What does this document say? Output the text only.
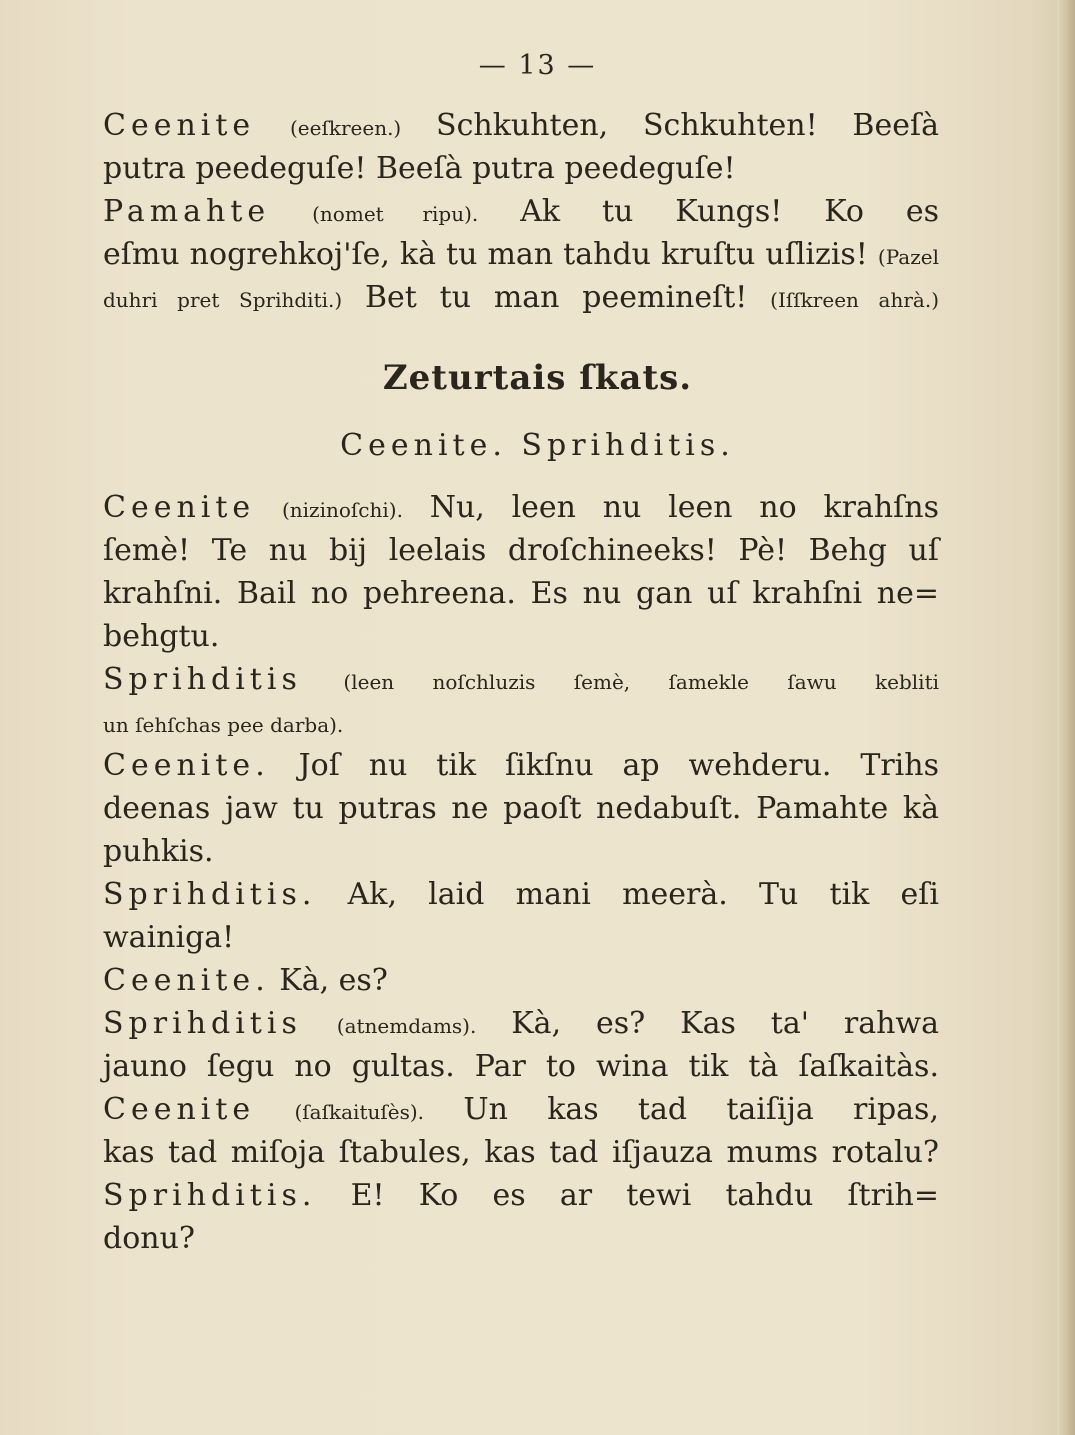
— 13 —
Ceenite (eeſkreen.) Schkuhten, Schkuhten! Beeſà
putra peedeguſe! Beeſà putra peedeguſe!
Pamahte (nomet ripu). Ak tu Kungs! Ko es
eſmu nogrehkoj'ſe, kà tu man tahdu kruſtu uſlizis! (Pazel
duhri pret Sprihditi.) Bet tu man peemineſt! (Iſſkreen ahrà.)
Zeturtais ſkats.
Ceenite. Sprihditis.
Ceenite (nizinoſchi). Nu, leen nu leen no krahſns
ſemè! Te nu bij leelais droſchineeks! Pè! Behg uſ
krahſni. Bail no pehreena. Es nu gan uſ krahſni ne=
behgtu.
Sprihditis (leen noſchluzis ſemè, ſamekle ſawu kebliti
un ſehſchas pee darba).
Ceenite. Joſ nu tik ſikſnu ap wehderu. Trihs
deenas jaw tu putras ne paoſt nedabuſt. Pamahte kà
puhkis.
Sprihditis. Ak, laid mani meerà. Tu tik eſi
wainiga!
Ceenite. Kà, es?
Sprihditis (atnemdams). Kà, es? Kas ta' rahwa
jauno ſegu no gultas. Par to wina tik tà ſaſkaitàs.
Ceenite (ſaſkaituſès). Un kas tad taiſija ripas,
kas tad miſoja ſtabules, kas tad iſjauza mums rotalu?
Sprihditis. E! Ko es ar tewi tahdu ſtrih=
donu?
